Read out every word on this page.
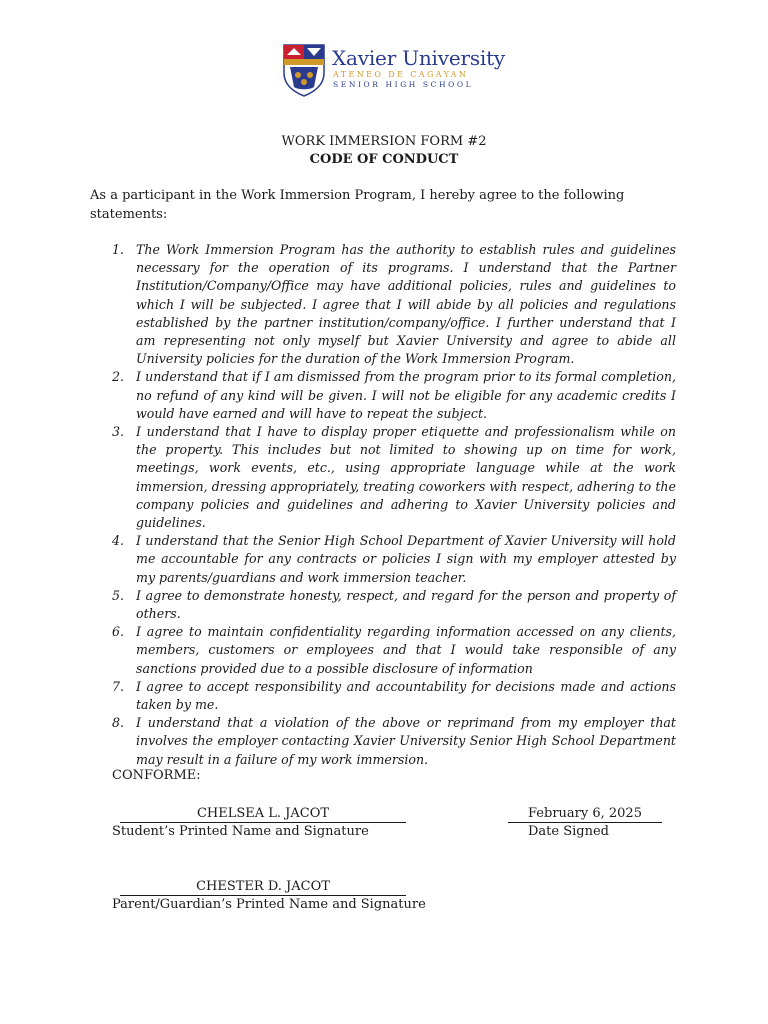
Xavier University
ATENEO DE CAGAYAN
SENIOR HIGH SCHOOL
WORK IMMERSION FORM #2
CODE OF CONDUCT
As a participant in the Work Immersion Program, I hereby agree to the following statements:
1. The Work Immersion Program has the authority to establish rules and guidelines necessary for the operation of its programs. I understand that the Partner Institution/Company/Office may have additional policies, rules and guidelines to which I will be subjected. I agree that I will abide by all policies and regulations established by the partner institution/company/office. I further understand that I am representing not only myself but Xavier University and agree to abide all University policies for the duration of the Work Immersion Program.
2. I understand that if I am dismissed from the program prior to its formal completion, no refund of any kind will be given. I will not be eligible for any academic credits I would have earned and will have to repeat the subject.
3. I understand that I have to display proper etiquette and professionalism while on the property. This includes but not limited to showing up on time for work, meetings, work events, etc., using appropriate language while at the work immersion, dressing appropriately, treating coworkers with respect, adhering to the company policies and guidelines and adhering to Xavier University policies and guidelines.
4. I understand that the Senior High School Department of Xavier University will hold me accountable for any contracts or policies I sign with my employer attested by my parents/guardians and work immersion teacher.
5. I agree to demonstrate honesty, respect, and regard for the person and property of others.
6. I agree to maintain confidentiality regarding information accessed on any clients, members, customers or employees and that I would take responsible of any sanctions provided due to a possible disclosure of information
7. I agree to accept responsibility and accountability for decisions made and actions taken by me.
8. I understand that a violation of the above or reprimand from my employer that involves the employer contacting Xavier University Senior High School Department may result in a failure of my work immersion.
CONFORME:
CHELSEA L. JACOT
Student’s Printed Name and Signature
February 6, 2025
Date Signed
CHESTER D. JACOT
Parent/Guardian’s Printed Name and Signature
